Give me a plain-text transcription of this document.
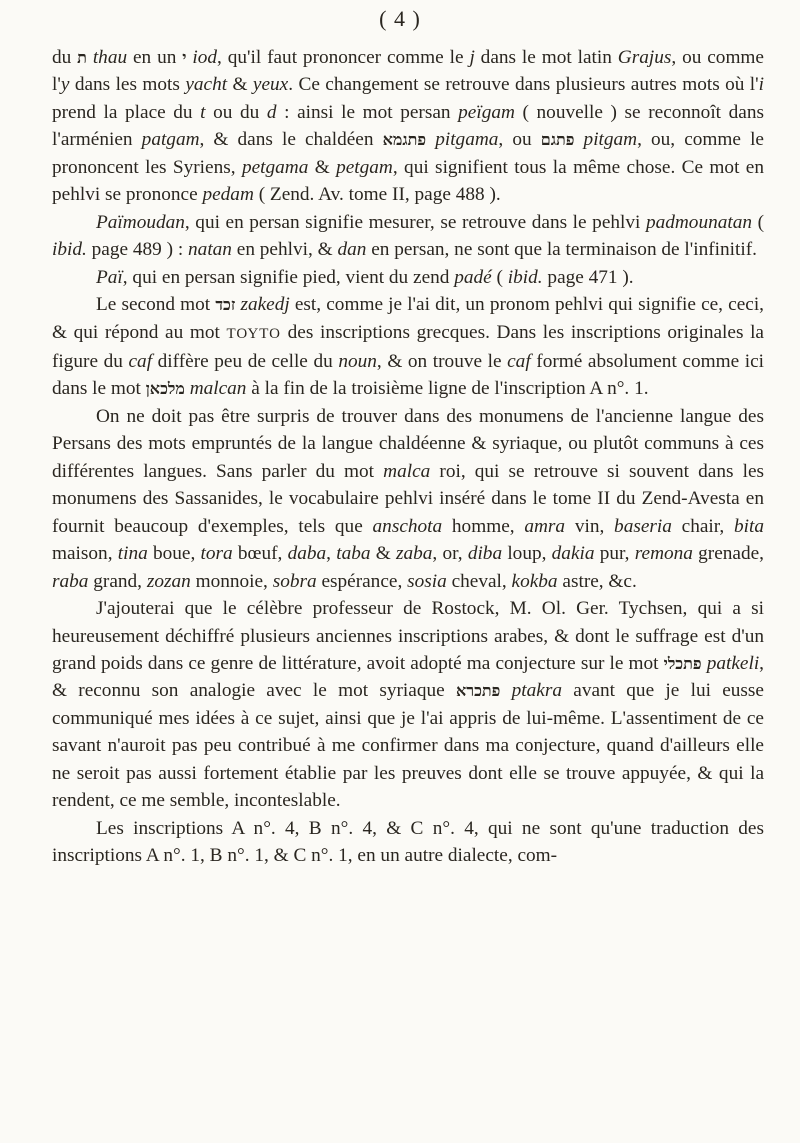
( 4 )

du ת thau en un י iod, qu'il faut prononcer comme le j dans le mot latin Grajus, ou comme l'y dans les mots yacht & yeux. Ce changement se retrouve dans plusieurs autres mots où l'i prend la place du t ou du d : ainsi le mot persan peïgam ( nouvelle ) se reconnoît dans l'arménien patgam, & dans le chaldéen פתגמא pitgama, ou פתגם pitgam, ou, comme le prononcent les Syriens, petgama & petgam, qui signifient tous la même chose. Ce mot en pehlvi se prononce pedam ( Zend. Av. tome II, page 488 ).

Païmoudan, qui en persan signifie mesurer, se retrouve dans le pehlvi padmounatan ( ibid. page 489 ) : natan en pehlvi, & dan en persan, ne sont que la terminaison de l'infinitif.

Paï, qui en persan signifie pied, vient du zend padé ( ibid. page 471 ).

Le second mot זכד zakedj est, comme je l'ai dit, un pronom pehlvi qui signifie ce, ceci, & qui répond au mot ΤΟΥΤΟ des inscriptions grecques. Dans les inscriptions originales la figure du caf diffère peu de celle du noun, & on trouve le caf formé absolument comme ici dans le mot מלכאן malcan à la fin de la troisième ligne de l'inscription A n°. 1.

On ne doit pas être surpris de trouver dans des monumens de l'ancienne langue des Persans des mots empruntés de la langue chaldéenne & syriaque, ou plutôt communs à ces différentes langues. Sans parler du mot malca roi, qui se retrouve si souvent dans les monumens des Sassanides, le vocabulaire pehlvi inséré dans le tome II du Zend-Avesta en fournit beaucoup d'exemples, tels que anschota homme, amra vin, baseria chair, bita maison, tina boue, tora bœuf, daba, taba & zaba, or, diba loup, dakia pur, remona grenade, raba grand, zozan monnoie, sobra espérance, sosia cheval, kokba astre, &c.

J'ajouterai que le célèbre professeur de Rostock, M. Ol. Ger. Tychsen, qui a si heureusement déchiffré plusieurs anciennes inscriptions arabes, & dont le suffrage est d'un grand poids dans ce genre de littérature, avoit adopté ma conjecture sur le mot פתכלי patkeli, & reconnu son analogie avec le mot syriaque פתכרא ptakra avant que je lui eusse communiqué mes idées à ce sujet, ainsi que je l'ai appris de lui-même. L'assentiment de ce savant n'auroit pas peu contribué à me confirmer dans ma conjecture, quand d'ailleurs elle ne seroit pas aussi fortement établie par les preuves dont elle se trouve appuyée, & qui la rendent, ce me semble, inconteslable.

Les inscriptions A n°. 4, B n°. 4, & C n°. 4, qui ne sont qu'une traduction des inscriptions A n°. 1, B n°. 1, & C n°. 1, en un autre dialecte, com-
